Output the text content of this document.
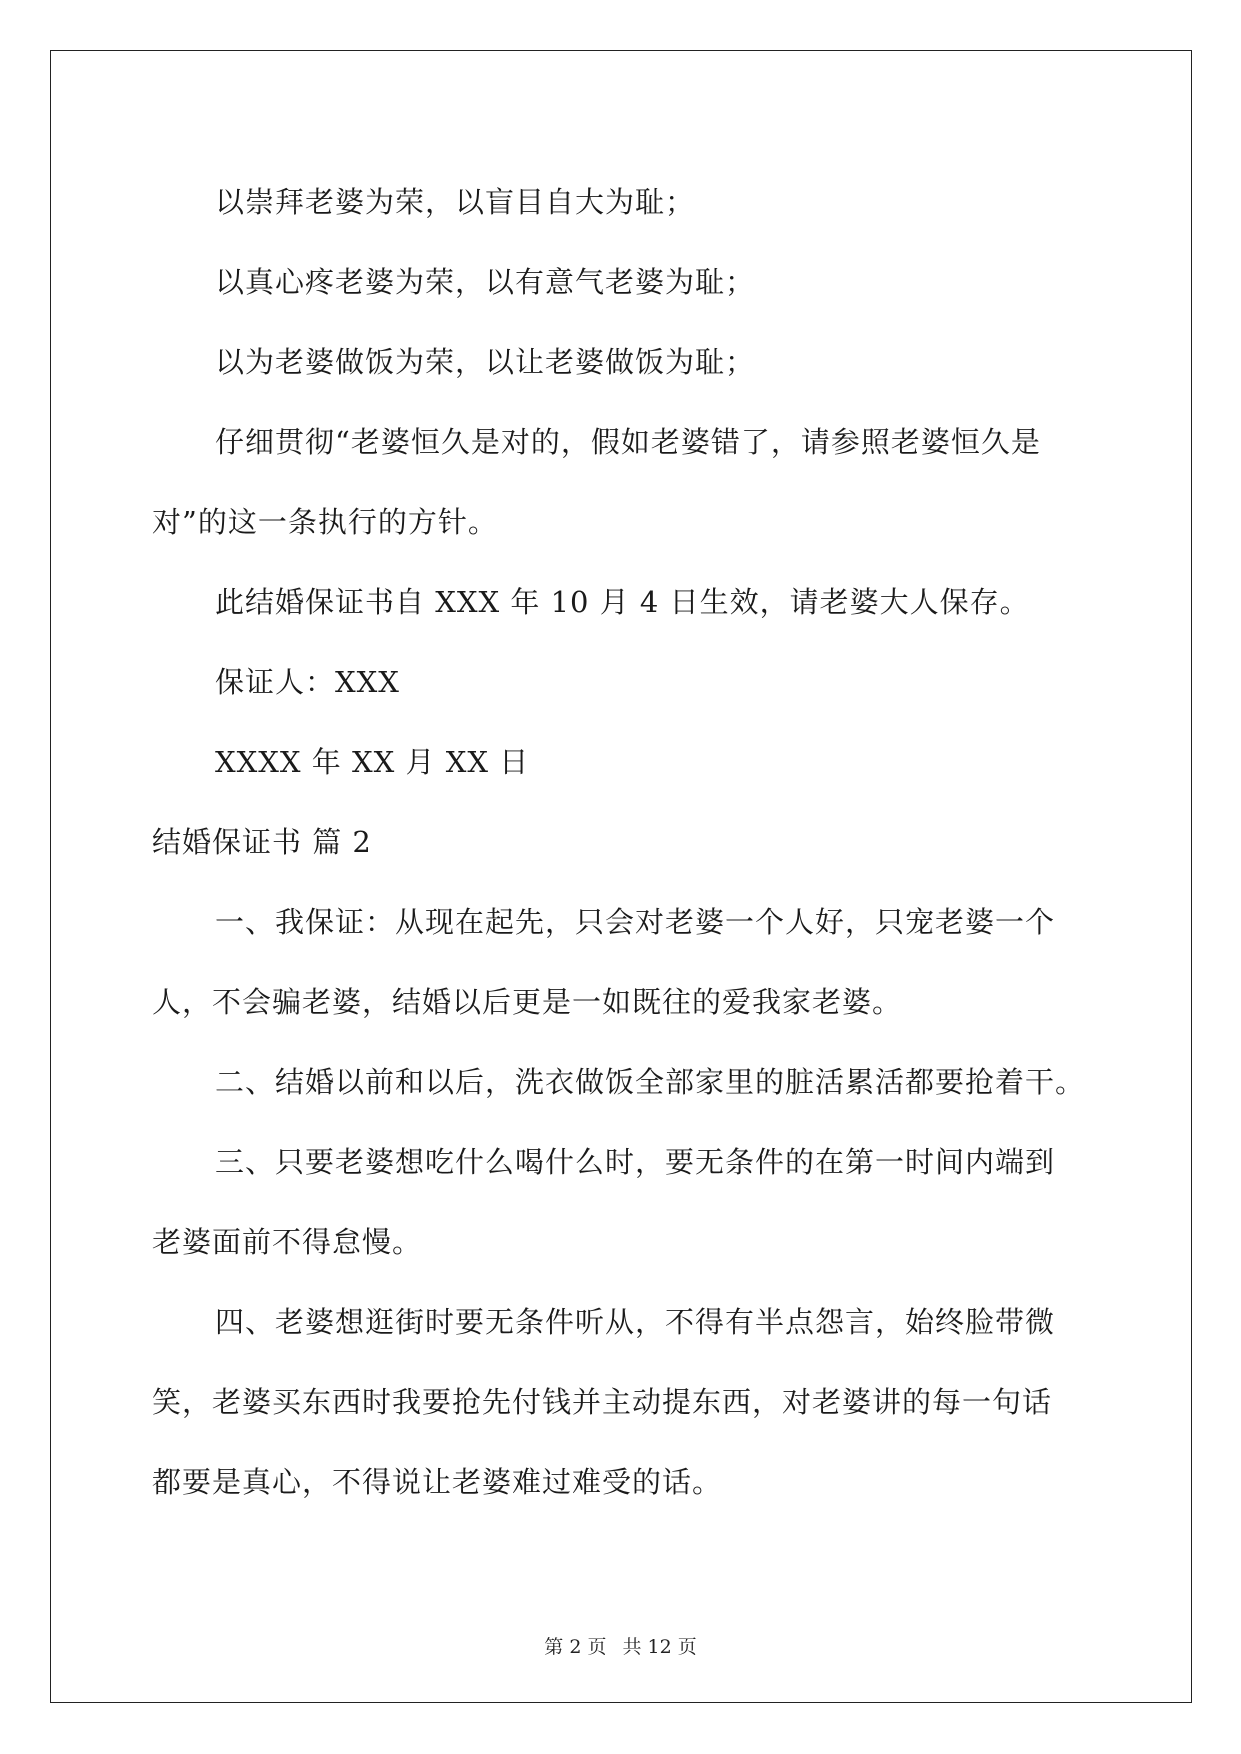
以崇拜老婆为荣，以盲目自大为耻；

以真心疼老婆为荣，以有意气老婆为耻；

以为老婆做饭为荣，以让老婆做饭为耻；

仔细贯彻“老婆恒久是对的，假如老婆错了，请参照老婆恒久是

对”的这一条执行的方针。

此结婚保证书自 XXX 年 10 月 4 日生效，请老婆大人保存。

保证人：XXX

XXXX 年 XX 月 XX 日

结婚保证书 篇 2

一、我保证：从现在起先，只会对老婆一个人好，只宠老婆一个

人，不会骗老婆，结婚以后更是一如既往的爱我家老婆。

二、结婚以前和以后，洗衣做饭全部家里的脏活累活都要抢着干。

三、只要老婆想吃什么喝什么时，要无条件的在第一时间内端到

老婆面前不得怠慢。

四、老婆想逛街时要无条件听从，不得有半点怨言，始终脸带微

笑，老婆买东西时我要抢先付钱并主动提东西，对老婆讲的每一句话

都要是真心，不得说让老婆难过难受的话。

第 2 页 共 12 页
